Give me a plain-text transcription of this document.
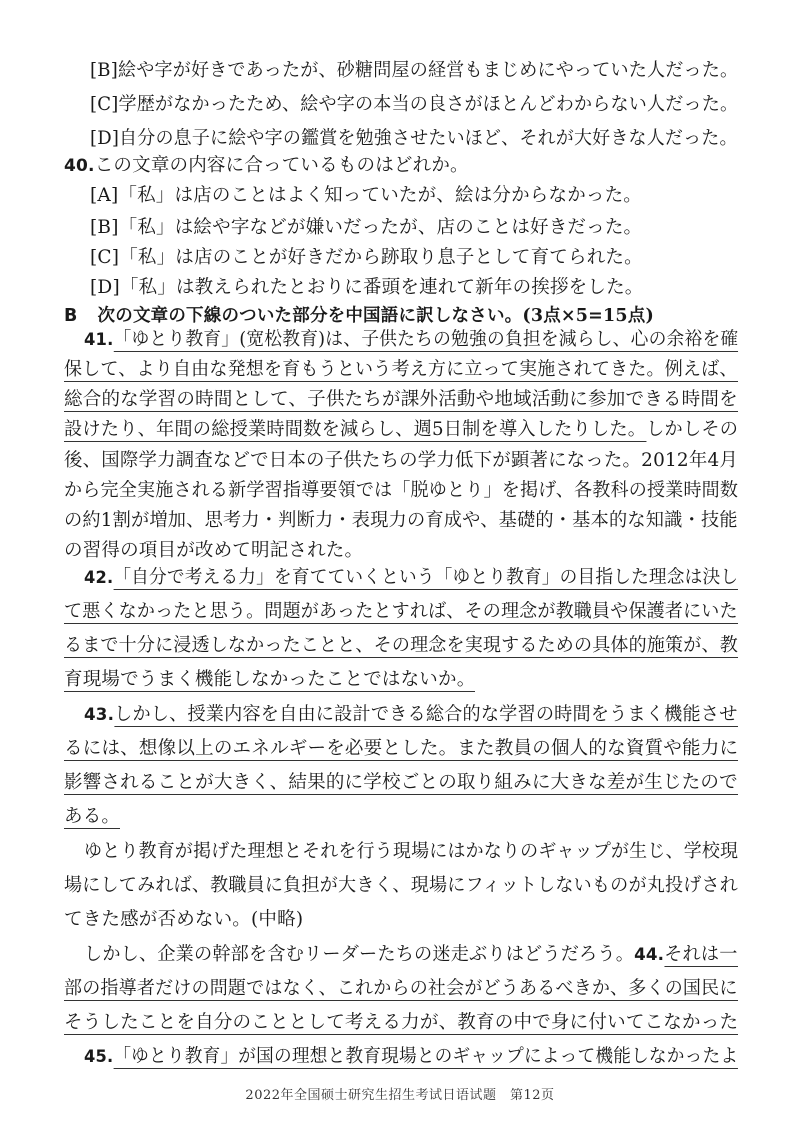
[B]絵や字が好きであったが、砂糖問屋の経営もまじめにやっていた人だった。
[C]学歴がなかったため、絵や字の本当の良さがほとんどわからない人だった。
[D]自分の息子に絵や字の鑑賞を勉強させたいほど、それが大好きな人だった。
40.この文章の内容に合っているものはどれか。
[A]「私」は店のことはよく知っていたが、絵は分からなかった。
[B]「私」は絵や字などが嫌いだったが、店のことは好きだった。
[C]「私」は店のことが好きだから跡取り息子として育てられた。
[D]「私」は教えられたとおりに番頭を連れて新年の挨拶をした。
B 次の文章の下線のついた部分を中国語に訳しなさい。(3点×5=15点)
41.「ゆとり教育」(宽松教育)は、子供たちの勉強の負担を減らし、心の余裕を確
保して、より自由な発想を育もうという考え方に立って実施されてきた。例えば、
総合的な学習の時間として、子供たちが課外活動や地域活動に参加できる時間を
設けたり、年間の総授業時間数を減らし、週5日制を導入したりした。しかしその
後、国際学力調査などで日本の子供たちの学力低下が顕著になった。2012年4月
から完全実施される新学習指導要領では「脱ゆとり」を掲げ、各教科の授業時間数
の約1割が増加、思考力・判断力・表現力の育成や、基礎的・基本的な知識・技能
の習得の項目が改めて明記された。
42.「自分で考える力」を育てていくという「ゆとり教育」の目指した理念は決し
て悪くなかったと思う。問題があったとすれば、その理念が教職員や保護者にいた
るまで十分に浸透しなかったことと、その理念を実現するための具体的施策が、教
育現場でうまく機能しなかったことではないか。
43.しかし、授業内容を自由に設計できる総合的な学習の時間をうまく機能させ
るには、想像以上のエネルギーを必要とした。また教員の個人的な資質や能力に
影響されることが大きく、結果的に学校ごとの取り組みに大きな差が生じたので
ある。
ゆとり教育が掲げた理想とそれを行う現場にはかなりのギャップが生じ、学校現
場にしてみれば、教職員に負担が大きく、現場にフィットしないものが丸投げされ
てきた感が否めない。(中略)
しかし、企業の幹部を含むリーダーたちの迷走ぶりはどうだろう。44.それは一
部の指導者だけの問題ではなく、これからの社会がどうあるべきか、多くの国民に
そうしたことを自分のこととして考える力が、教育の中で身に付いてこなかった
2022年全国硕士研究生招生考试日语试题　第12页
45.「ゆとり教育」が国の理想と教育現場とのギャップによって機能しなかったよ
